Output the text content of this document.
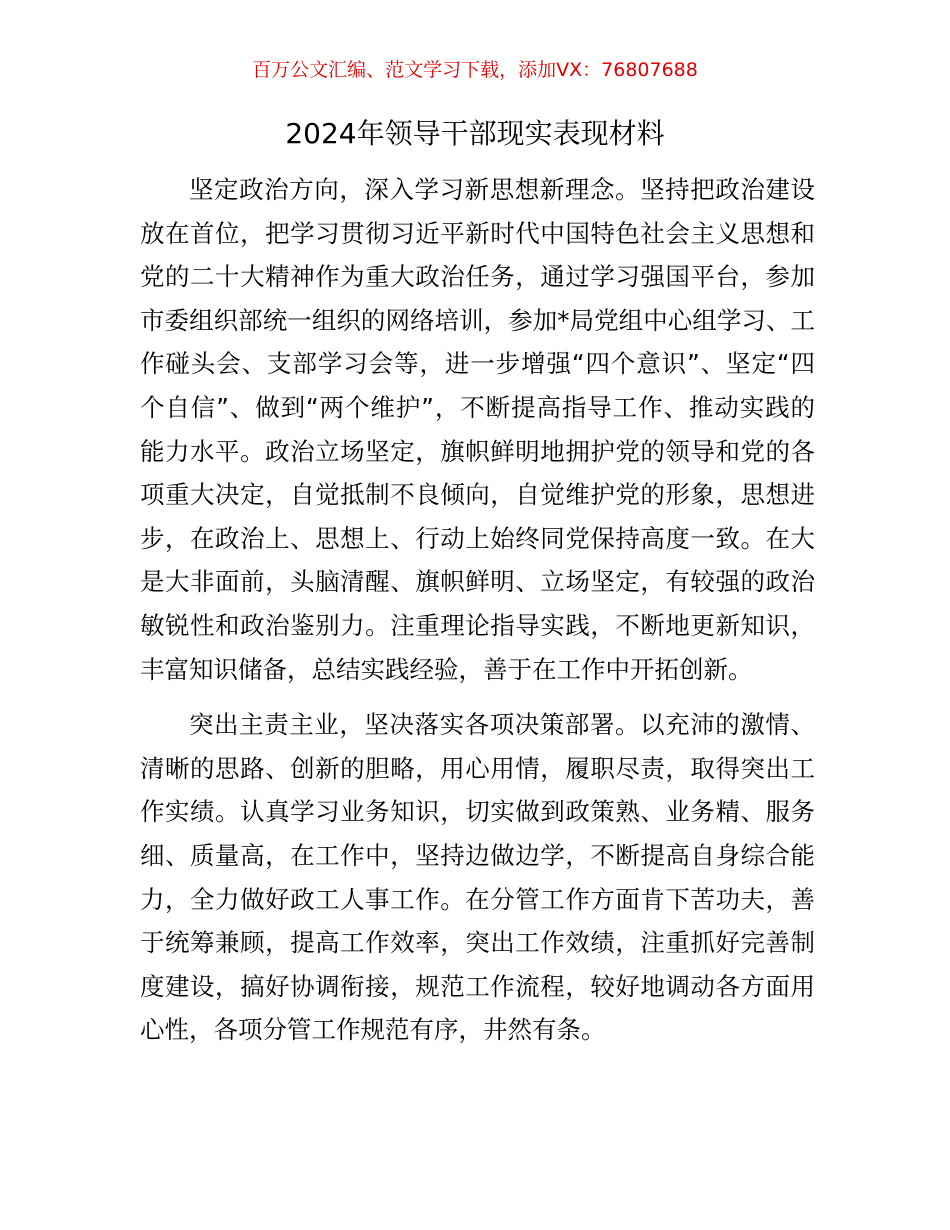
百万公文汇编、范文学习下载，添加VX：76807688
2024年领导干部现实表现材料

坚定政治方向，深入学习新思想新理念。坚持把政治建设放在首位，把学习贯彻习近平新时代中国特色社会主义思想和党的二十大精神作为重大政治任务，通过学习强国平台，参加市委组织部统一组织的网络培训，参加*局党组中心组学习、工作碰头会、支部学习会等，进一步增强“四个意识”、坚定“四个自信”、做到“两个维护”，不断提高指导工作、推动实践的能力水平。政治立场坚定，旗帜鲜明地拥护党的领导和党的各项重大决定，自觉抵制不良倾向，自觉维护党的形象，思想进步，在政治上、思想上、行动上始终同党保持高度一致。在大是大非面前，头脑清醒、旗帜鲜明、立场坚定，有较强的政治敏锐性和政治鉴别力。注重理论指导实践，不断地更新知识，丰富知识储备，总结实践经验，善于在工作中开拓创新。

突出主责主业，坚决落实各项决策部署。以充沛的激情、清晰的思路、创新的胆略，用心用情，履职尽责，取得突出工作实绩。认真学习业务知识，切实做到政策熟、业务精、服务细、质量高，在工作中，坚持边做边学，不断提高自身综合能力，全力做好政工人事工作。在分管工作方面肯下苦功夫，善于统筹兼顾，提高工作效率，突出工作效绩，注重抓好完善制度建设，搞好协调衔接，规范工作流程，较好地调动各方面用心性，各项分管工作规范有序，井然有条。
